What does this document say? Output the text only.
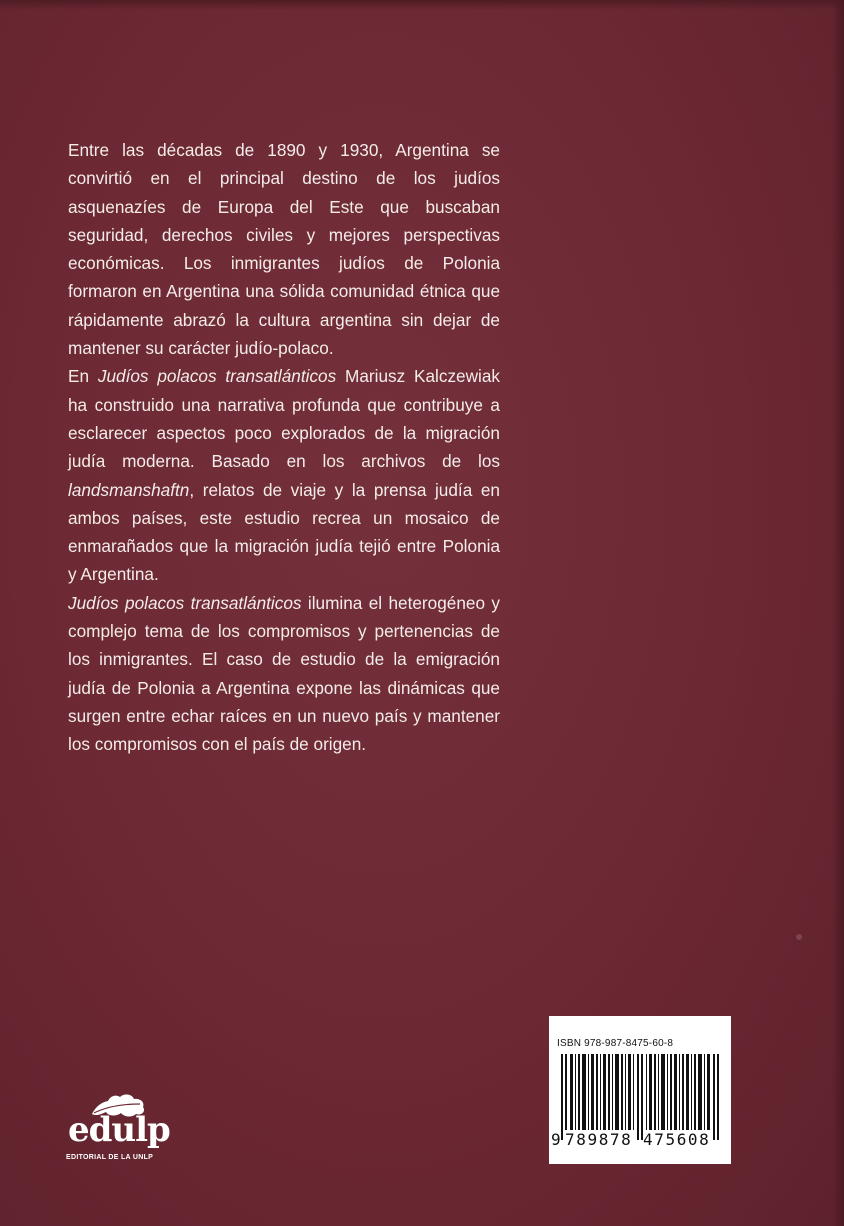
Entre las décadas de 1890 y 1930, Argentina se convirtió en el principal destino de los judíos asquenazíes de Europa del Este que buscaban seguridad, derechos civiles y mejores perspectivas económicas. Los inmigrantes judíos de Polonia formaron en Argentina una sólida comunidad étnica que rápidamente abrazó la cultura argentina sin dejar de mantener su carácter judío-polaco.

En Judíos polacos transatlánticos Mariusz Kalczewiak ha construido una narrativa profunda que contribuye a esclarecer aspectos poco explorados de la migración judía moderna. Basado en los archivos de los landsmanshaftn, relatos de viaje y la prensa judía en ambos países, este estudio recrea un mosaico de enmarañados que la migración judía tejió entre Polonia y Argentina.

Judíos polacos transatlánticos ilumina el heterogéneo y complejo tema de los compromisos y pertenencias de los inmigrantes. El caso de estudio de la emigración judía de Polonia a Argentina expone las dinámicas que surgen entre echar raíces en un nuevo país y mantener los compromisos con el país de origen.

ISBN 978-987-8475-60-8
9 789878 475608
edulp
EDITORIAL DE LA UNLP
